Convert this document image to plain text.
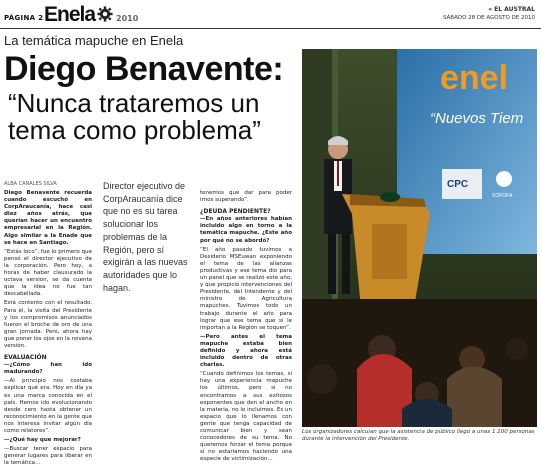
PÁGINA 2 Enela	2010
» EL AUSTRAL
SÁBADO 28 DE AGOSTO DE 2010
La temática mapuche en Enela
Diego Benavente:
“Nunca trataremos un tema como problema”
ALBA CANALES SILVA

Diego Benavente recuerda cuando escuchó en CorpAraucanía, hace casi diez años atrás, que querían hacer un encuentro empresarial en la Región. Algo similar a la Enade que se hace en Santiago.

“Estás loco”, fue lo primero que pensó el director ejecutivo de la corporación. Pero hoy, a horas de haber clausurado la octava versión, se da cuenta que la idea no fue tan descabellada.

Está contento con el resultado. Para él, la visita del Presidente y los compromisos anunciados fueron el broche de oro de una gran jornada. Pero, ahora hay que poner los ojos en la novena versión.

EVALUACIÓN

—¿Cómo han ido madurando?

—Al principio nos costaba explicar qué era. Hoy en día ya es una marca conocida en el país. Hemos ido evolucionando desde cero hasta obtener un reconocimiento en la gente que nos interesa invitar algún día como relatores”.

—¿Qué hay que mejorar?

—Buscar tener espacio para generar lugares para liberar en la temática...

Director ejecutivo de CorpAraucanía dice que no es su tarea solucionar los problemas de la Región, pero sí exigirán a las nuevas autoridades que lo hagan.

tenemos que dar para poder irnos superando”.

¿DEUDA PENDIENTE?

—En años anteriores habían incluido algo en torno a la temática mapuche. ¿Este año por qué no se abordó?

“El año pasado tuvimos a Desiderio MSEuwan exponiendo el tema de las alianzas productivas y ese tema dio para un panel que se realizó este año, y que propició intervenciones del Presidente, del Intendente y del ministro de Agricultura mapuches. Tuvimos todo un trabajo durante el año para lograr que ese tema que sí le importan a la Región se toquen”.

—Pero antes el tema mapuche estaba bien definido y ahora está incluido dentro de otras charlas.

“Cuando definimos los temas, si hay una experiencia mapuche los últimos, pero si no encontramos a sus exitosos exponentes que den el ancho en la materia, no lo incluimos. Es un espacio que lo llenamos con gente que tenga capacidad de comunicar bien y sean conocedores de su tema. No queremos forzar el tema porque sí no estaríamos haciendo una especie de victimización...

enel
“Nuevos Tiem
CPC
SOFOFA
Los organizadores calculan que la asistencia de público llegó a unas 1.100 personas durante la intervención del Presidente.
